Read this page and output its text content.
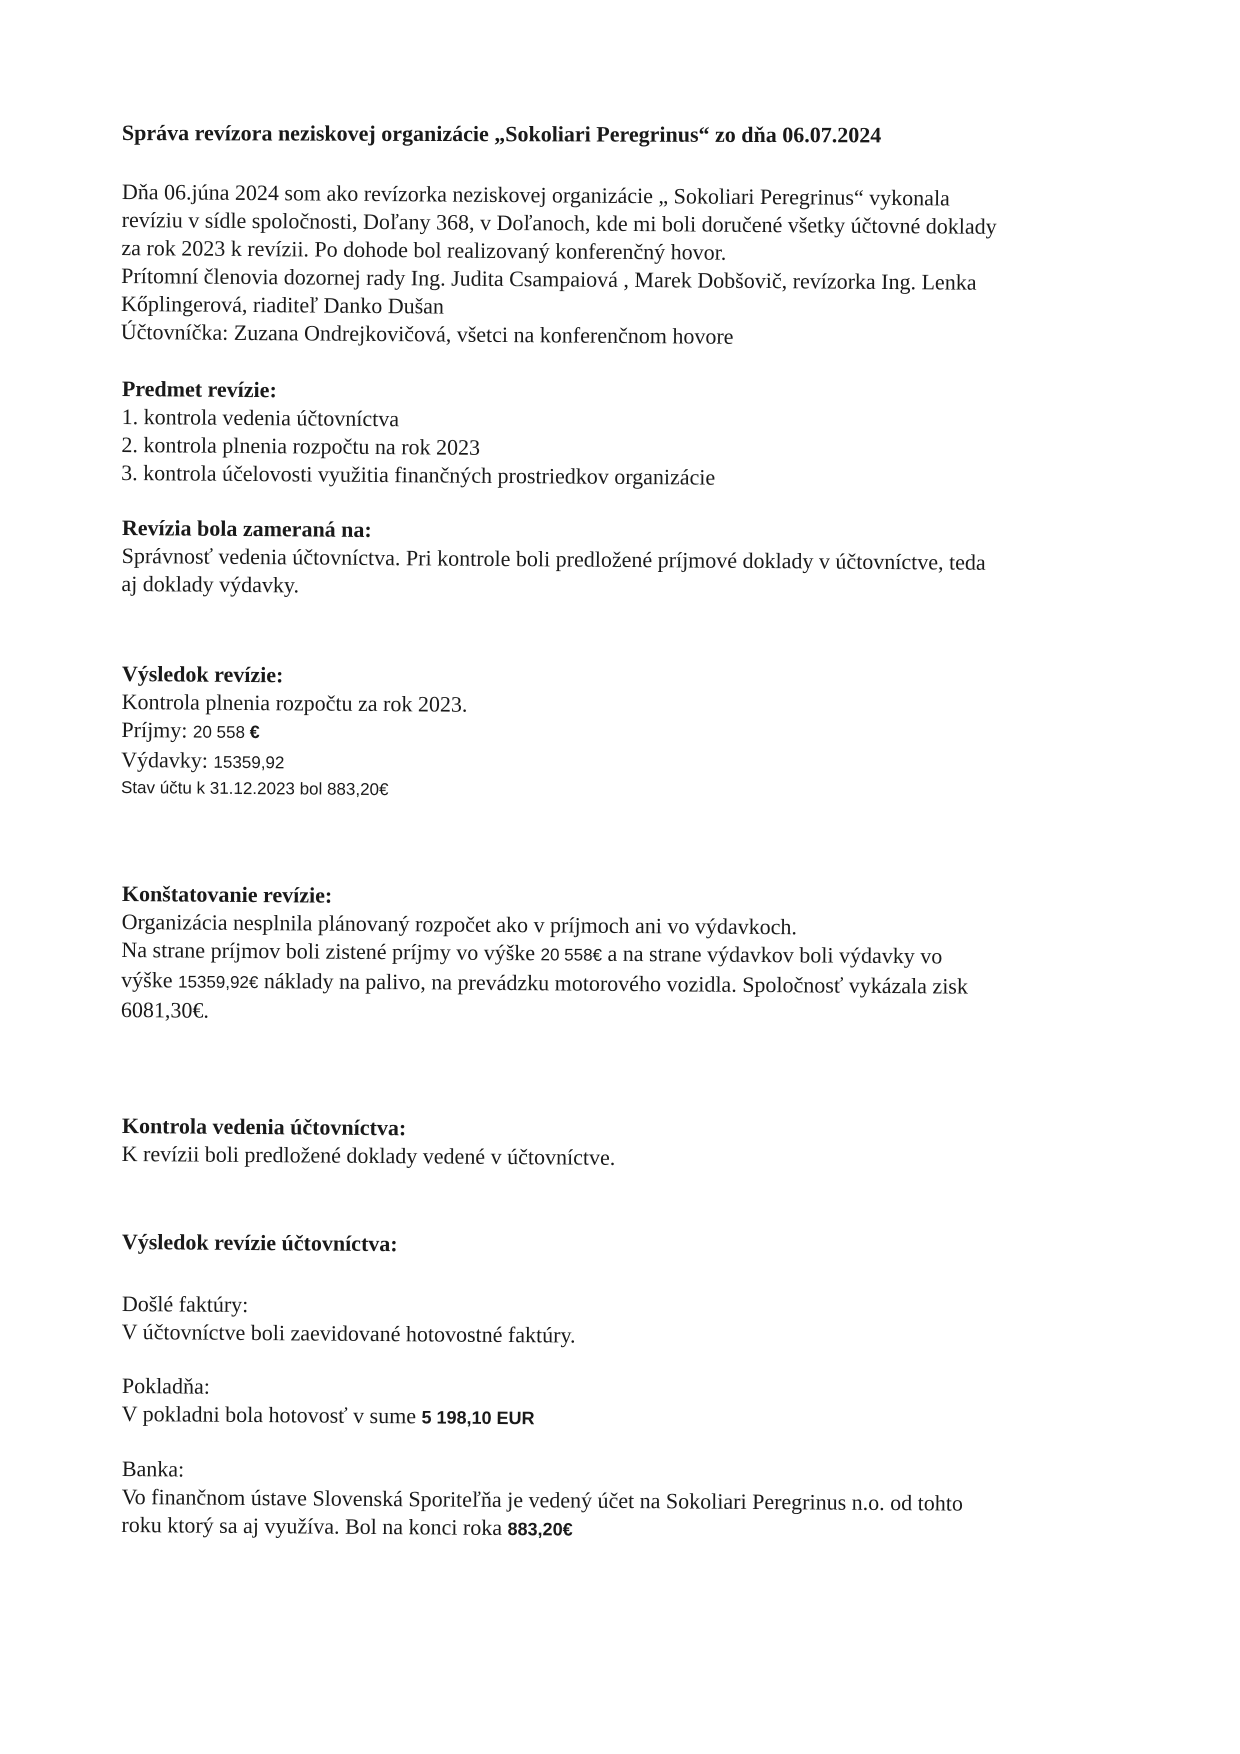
Správa revízora neziskovej organizácie „Sokoliari Peregrinus“ zo dňa 06.07.2024
Dňa 06.júna 2024 som ako revízorka neziskovej organizácie „ Sokoliari Peregrinus“ vykonala
revíziu v sídle spoločnosti, Doľany 368, v Doľanoch, kde mi boli doručené všetky účtovné doklady
za rok 2023 k revízii. Po dohode bol realizovaný konferenčný hovor.
Prítomní členovia dozornej rady Ing. Judita Csampaiová , Marek Dobšovič, revízorka Ing. Lenka
Kőplingerová, riaditeľ Danko Dušan
Účtovníčka: Zuzana Ondrejkovičová, všetci na konferenčnom hovore
Predmet revízie:
1. kontrola vedenia účtovníctva
2. kontrola plnenia rozpočtu na rok 2023
3. kontrola účelovosti využitia finančných prostriedkov organizácie
Revízia bola zameraná na:
Správnosť vedenia účtovníctva. Pri kontrole boli predložené príjmové doklady v účtovníctve, teda
aj doklady výdavky.
Výsledok revízie:
Kontrola plnenia rozpočtu za rok 2023.
Príjmy: 20 558 €
Výdavky: 15359,92
Stav účtu k 31.12.2023 bol 883,20€
Konštatovanie revízie:
Organizácia nesplnila plánovaný rozpočet ako v príjmoch ani vo výdavkoch.
Na strane príjmov boli zistené príjmy vo výške 20 558€ a na strane výdavkov boli výdavky vo
výške 15359,92€ náklady na palivo, na prevádzku motorového vozidla. Spoločnosť vykázala zisk
6081,30€.
Kontrola vedenia účtovníctva:
K revízii boli predložené doklady vedené v účtovníctve.
Výsledok revízie účtovníctva:
Došlé faktúry:
V účtovníctve boli zaevidované hotovostné faktúry.
Pokladňa:
V pokladni bola hotovosť v sume 5 198,10 EUR
Banka:
Vo finančnom ústave Slovenská Sporiteľňa je vedený účet na Sokoliari Peregrinus n.o. od tohto
roku ktorý sa aj využíva. Bol na konci roka 883,20€
